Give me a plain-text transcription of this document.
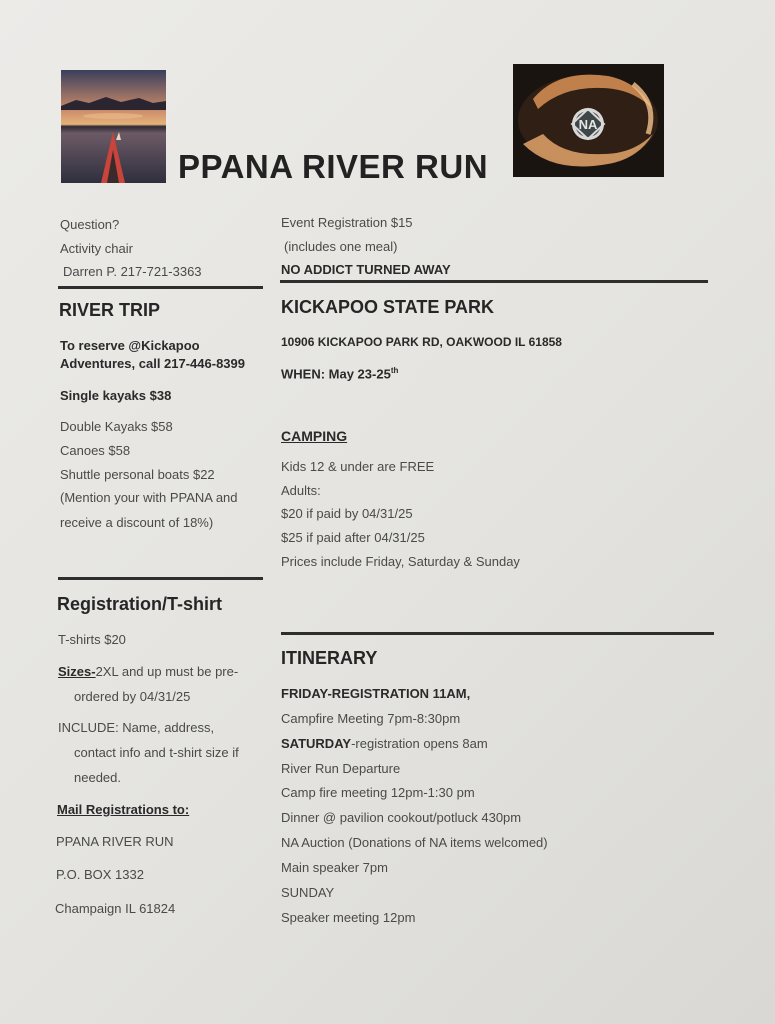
NA
PPANA RIVER RUN
Question?
Activity chair
Darren P. 217-721-3363
Event Registration $15
(includes one meal)
NO ADDICT TURNED AWAY
RIVER TRIP
To reserve @Kickapoo
Adventures, call 217-446-8399
Single kayaks $38
Double Kayaks $58
Canoes $58
Shuttle personal boats $22
(Mention your with PPANA and
receive a discount of 18%)
KICKAPOO STATE PARK
10906 KICKAPOO PARK RD, OAKWOOD IL 61858
WHEN: May 23-25th
CAMPING
Kids 12 & under are FREE
Adults:
$20 if paid by 04/31/25
$25 if paid after 04/31/25
Prices include Friday, Saturday & Sunday
Registration/T-shirt
T-shirts $20
Sizes-2XL and up must be pre-
ordered by 04/31/25
INCLUDE: Name, address,
contact info and t-shirt size if
needed.
Mail Registrations to:
PPANA RIVER RUN
P.O. BOX 1332
Champaign IL 61824
ITINERARY
FRIDAY-REGISTRATION 11AM,
Campfire Meeting 7pm-8:30pm
SATURDAY-registration opens 8am
River Run Departure
Camp fire meeting 12pm-1:30 pm
Dinner @ pavilion cookout/potluck 430pm
NA Auction (Donations of NA items welcomed)
Main speaker 7pm
SUNDAY
Speaker meeting 12pm
